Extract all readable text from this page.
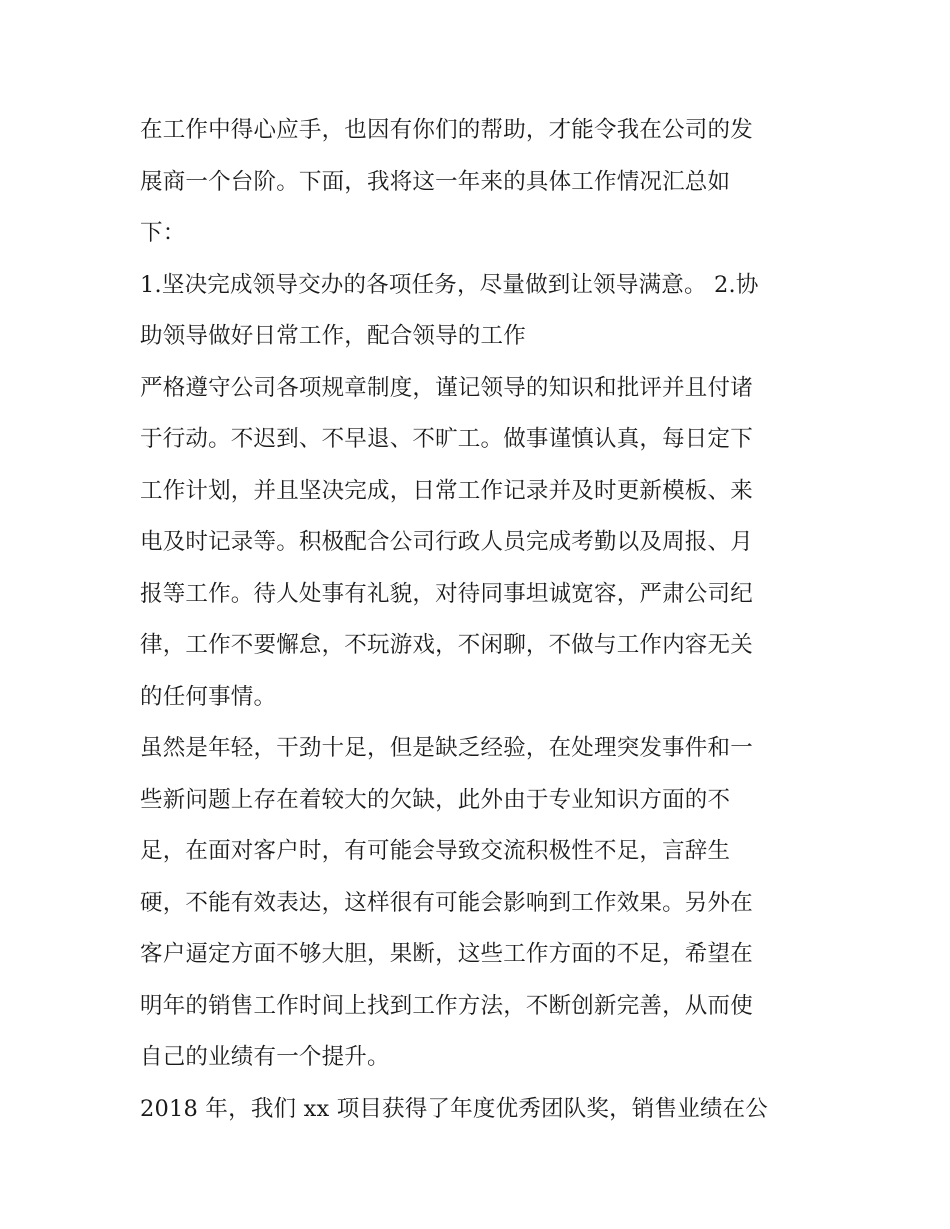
在工作中得心应手，也因有你们的帮助，才能令我在公司的发
展商一个台阶。下面，我将这一年来的具体工作情况汇总如
下：
1.坚决完成领导交办的各项任务，尽量做到让领导满意。 2.协
助领导做好日常工作，配合领导的工作
严格遵守公司各项规章制度，谨记领导的知识和批评并且付诸
于行动。不迟到、不早退、不旷工。做事谨慎认真，每日定下
工作计划，并且坚决完成，日常工作记录并及时更新模板、来
电及时记录等。积极配合公司行政人员完成考勤以及周报、月
报等工作。待人处事有礼貌，对待同事坦诚宽容，严肃公司纪
律，工作不要懈怠，不玩游戏，不闲聊，不做与工作内容无关
的任何事情。
虽然是年轻，干劲十足，但是缺乏经验，在处理突发事件和一
些新问题上存在着较大的欠缺，此外由于专业知识方面的不
足，在面对客户时，有可能会导致交流积极性不足，言辞生
硬，不能有效表达，这样很有可能会影响到工作效果。另外在
客户逼定方面不够大胆，果断，这些工作方面的不足，希望在
明年的销售工作时间上找到工作方法，不断创新完善，从而使
自己的业绩有一个提升。
2018 年，我们 xx 项目获得了年度优秀团队奖，销售业绩在公
